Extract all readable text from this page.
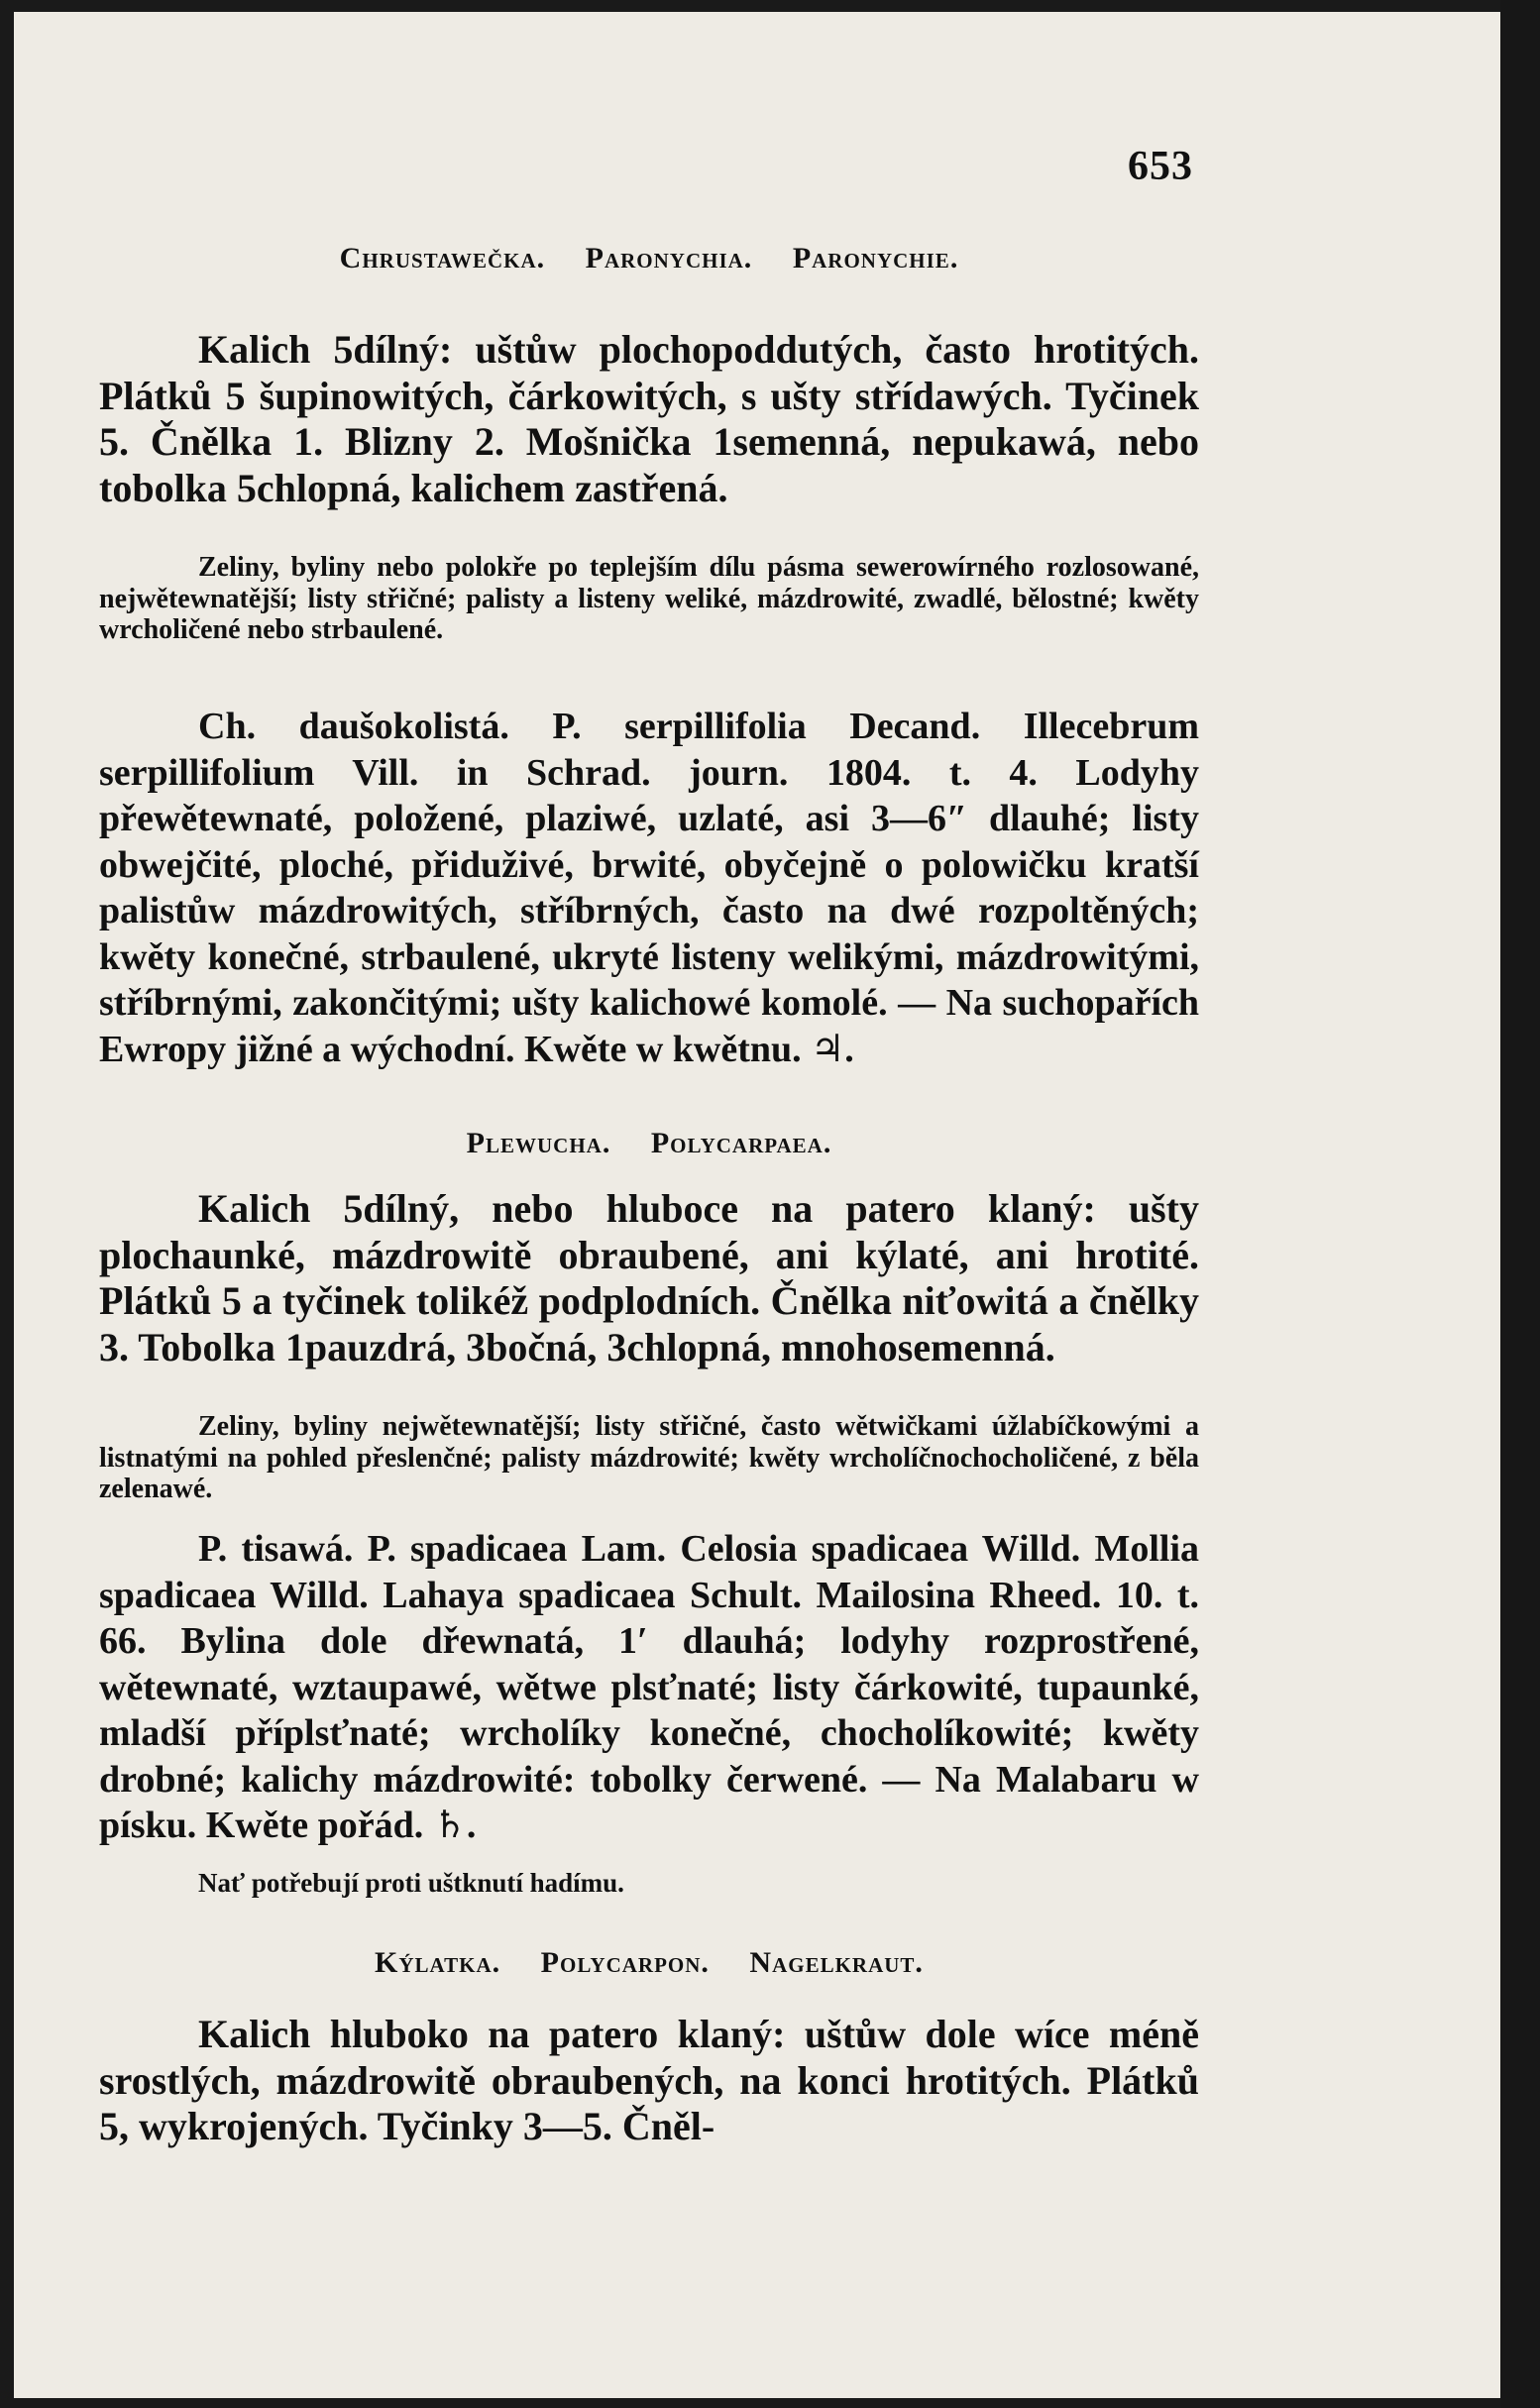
653
Chrustawečka. Paronychia. Paronychie.
Kalich 5dílný: uštůw plochopoddutých, často hrotitých. Plátků 5 šupinowitých, čárkowitých, s ušty střídawých. Tyčinek 5. Čnělka 1. Blizny 2. Mošnička 1semenná, nepukawá, nebo tobolka 5chlopná, kalichem zastřená.
Zeliny, byliny nebo polokře po teplejším dílu pásma sewerowírného rozlosowané, nejwětewnatější; listy střičné; palisty a listeny weliké, mázdrowité, zwadlé, bělostné; kwěty wrcholičené nebo strbaulené.
Ch. daušokolistá. P. serpillifolia Decand. Illecebrum serpillifolium Vill. in Schrad. journ. 1804. t. 4. Lodyhy přewětewnaté, položené, plaziwé, uzlaté, asi 3—6″ dlauhé; listy obwejčité, ploché, přiduživé, brwité, obyčejně o polowičku kratší palistůw mázdrowitých, stříbrných, často na dwé rozpoltěných; kwěty konečné, strbaulené, ukryté listeny welikými, mázdrowitými, stříbrnými, zakončitými; ušty kalichowé komolé. — Na suchopařích Ewropy jižné a wýchodní. Kwěte w kwětnu. ♃.
Plewucha. Polycarpaea.
Kalich 5dílný, nebo hluboce na patero klaný: ušty plochaunké, mázdrowitě obraubené, ani kýlaté, ani hrotité. Plátků 5 a tyčinek tolikéž podplodních. Čnělka niťowitá a čnělky 3. Tobolka 1pauzdrá, 3bočná, 3chlopná, mnohosemenná.
Zeliny, byliny nejwětewnatější; listy střičné, často wětwičkami úžlabíčkowými a listnatými na pohled přeslenčné; palisty mázdrowité; kwěty wrcholíčnochocholičené, z běla zelenawé.
P. tisawá. P. spadicaea Lam. Celosia spadicaea Willd. Mollia spadicaea Willd. Lahaya spadicaea Schult. Mailosina Rheed. 10. t. 66. Bylina dole dřewnatá, 1′ dlauhá; lodyhy rozprostřené, wětewnaté, wztaupawé, wětwe plsťnaté; listy čárkowité, tupaunké, mladší příplsťnaté; wrcholíky konečné, chocholíkowité; kwěty drobné; kalichy mázdrowité: tobolky čerwené. — Na Malabaru w písku. Kwěte pořád. ♄.
Nať potřebují proti uštknutí hadímu.
Kýlatka. Polycarpon. Nagelkraut.
Kalich hluboko na patero klaný: uštůw dole wíce méně srostlých, mázdrowitě obraubených, na konci hrotitých. Plátků 5, wykrojených. Tyčinky 3—5. Čněl-
